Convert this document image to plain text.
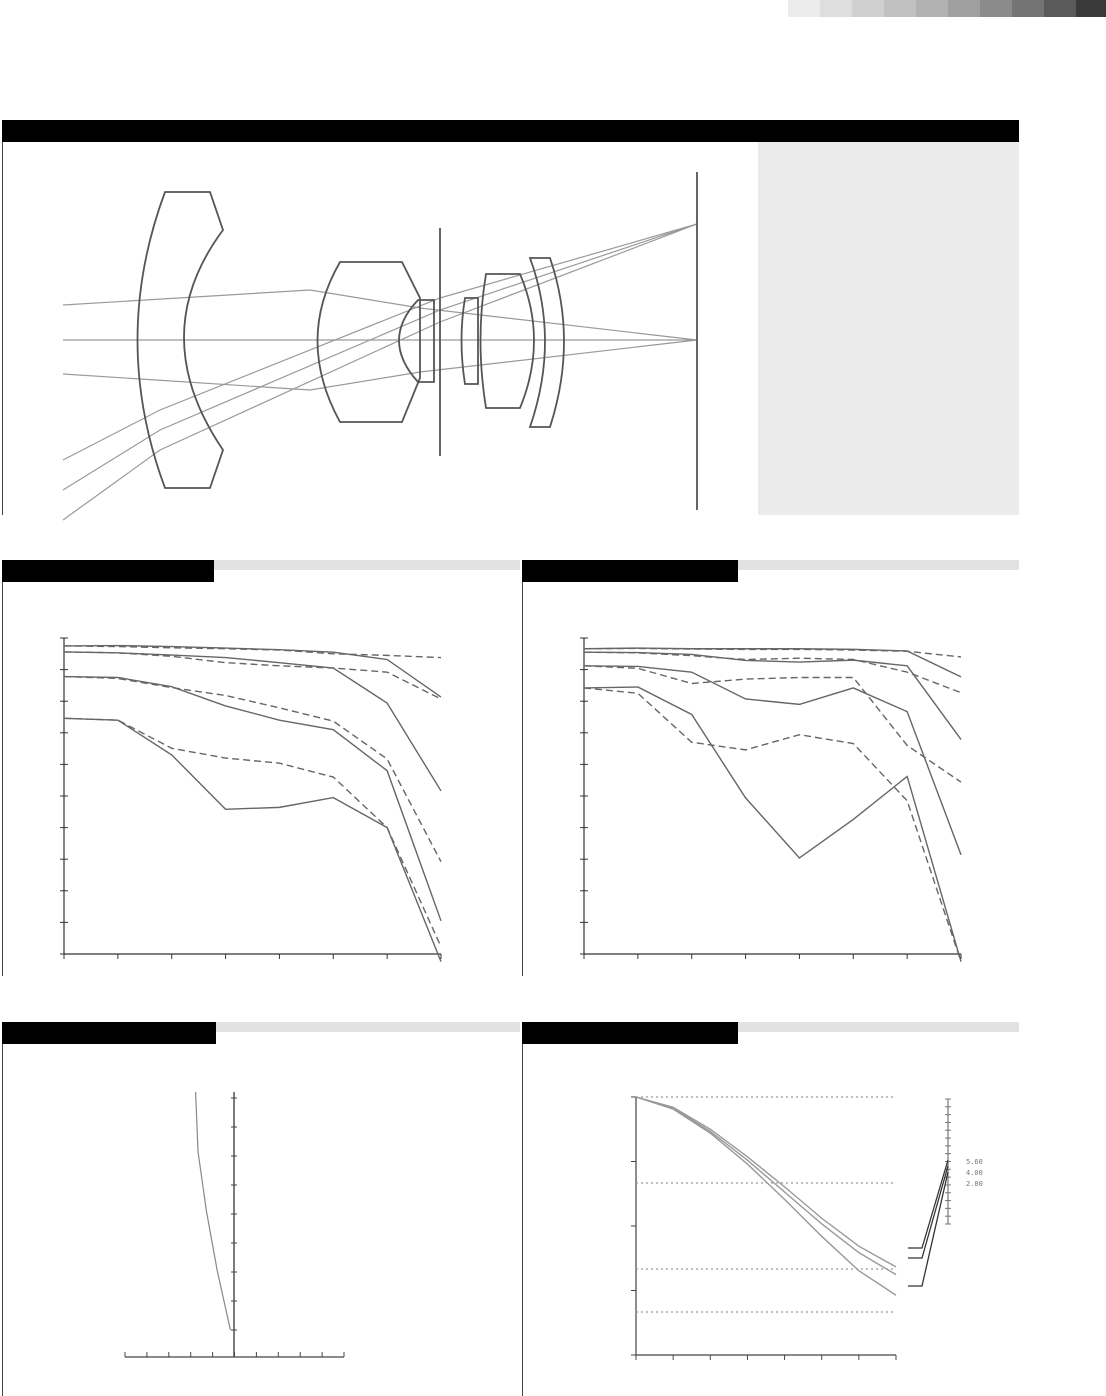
5.60
4.00
2.80
